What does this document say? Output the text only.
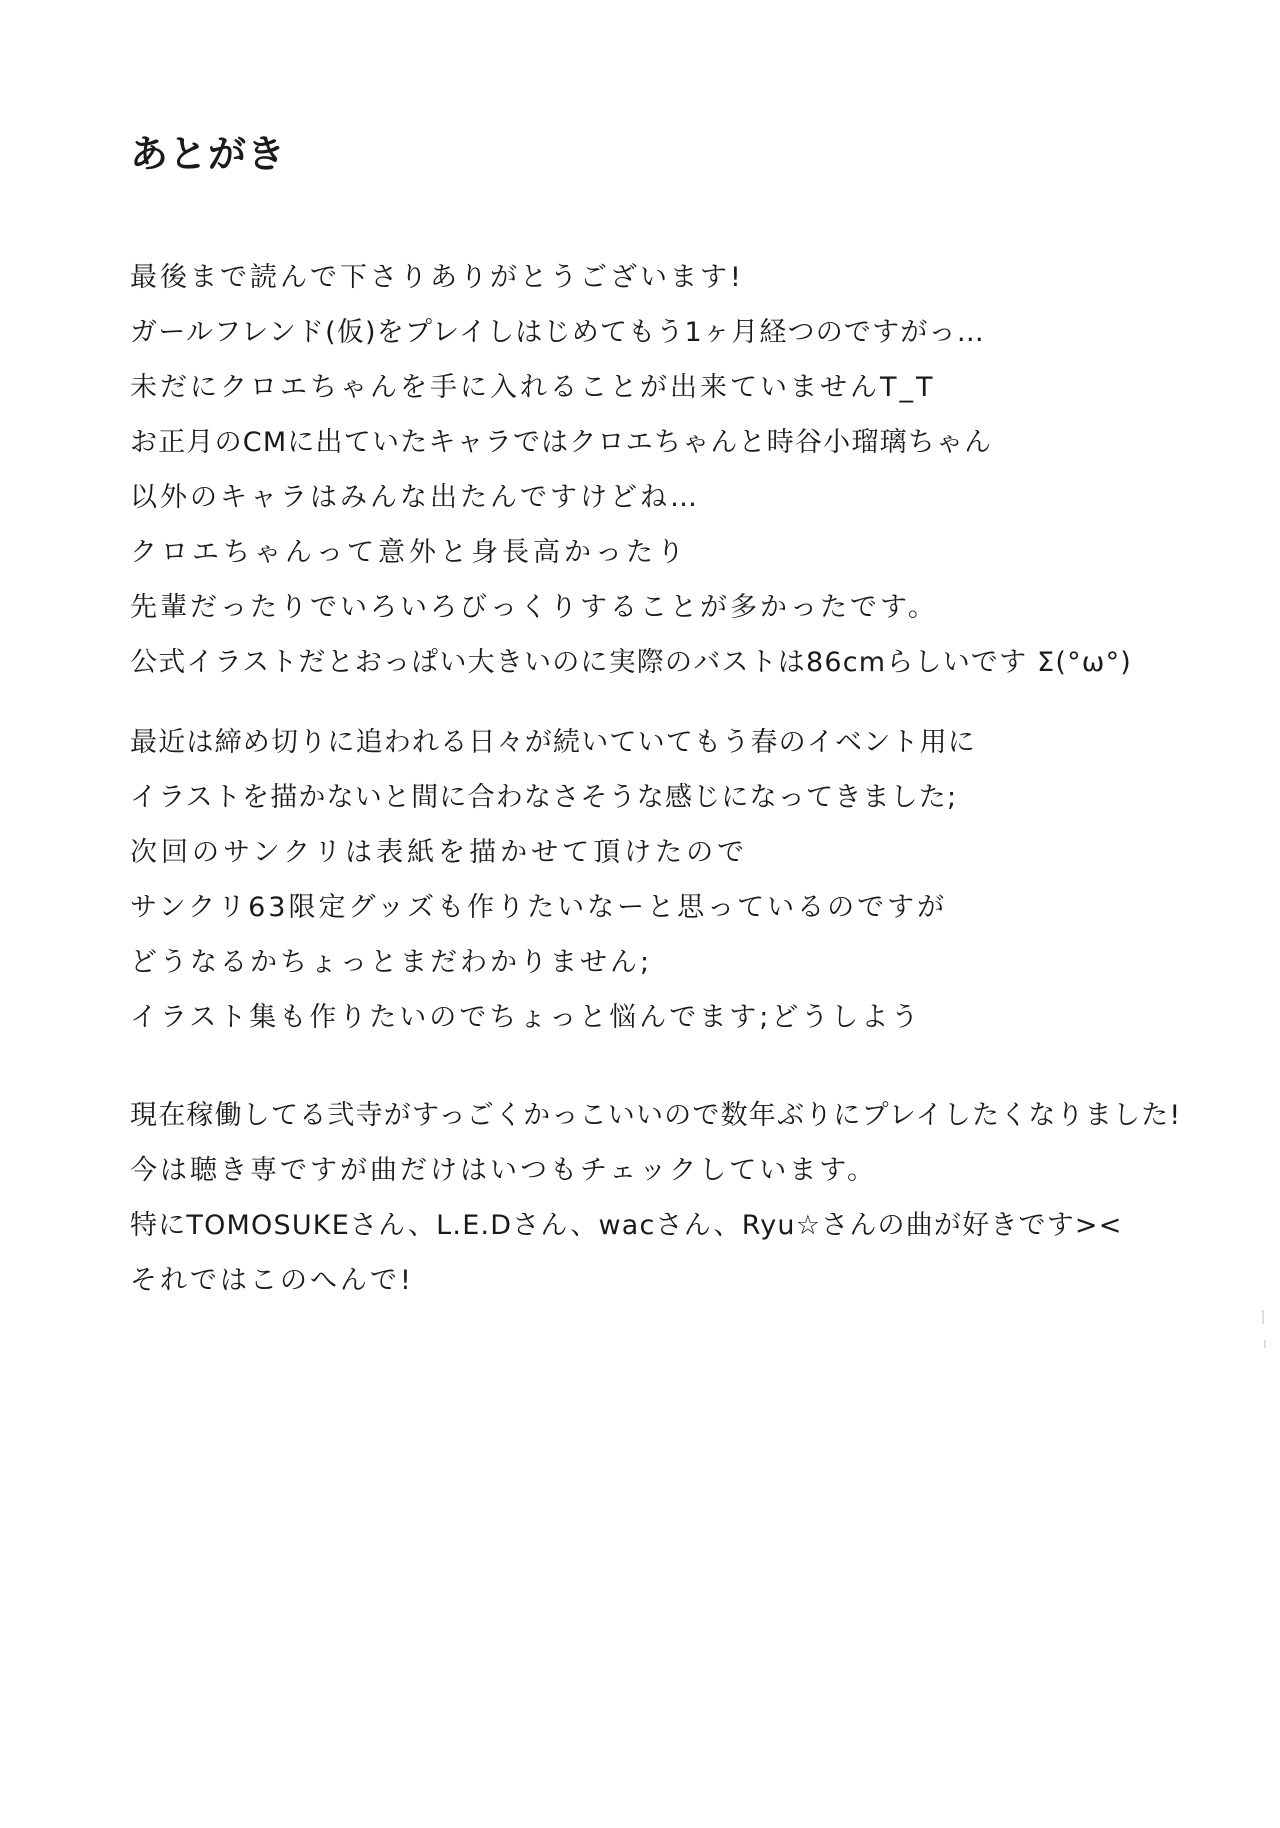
あとがき
最後まで読んで下さりありがとうございます!
ガールフレンド(仮)をプレイしはじめてもう1ヶ月経つのですがっ…
未だにクロエちゃんを手に入れることが出来ていませんT_T
お正月のCMに出ていたキャラではクロエちゃんと時谷小瑠璃ちゃん
以外のキャラはみんな出たんですけどね…
クロエちゃんって意外と身長高かったり
先輩だったりでいろいろびっくりすることが多かったです。
公式イラストだとおっぱい大きいのに実際のバストは86cmらしいです Σ(°ω°)
最近は締め切りに追われる日々が続いていてもう春のイベント用に
イラストを描かないと間に合わなさそうな感じになってきました;
次回のサンクリは表紙を描かせて頂けたので
サンクリ63限定グッズも作りたいなーと思っているのですが
どうなるかちょっとまだわかりません;
イラスト集も作りたいのでちょっと悩んでます;どうしよう
現在稼働してる弐寺がすっごくかっこいいので数年ぶりにプレイしたくなりました!
今は聴き専ですが曲だけはいつもチェックしています。
特にTOMOSUKEさん、L.E.Dさん、wacさん、Ryu☆さんの曲が好きです><
それではこのへんで!
